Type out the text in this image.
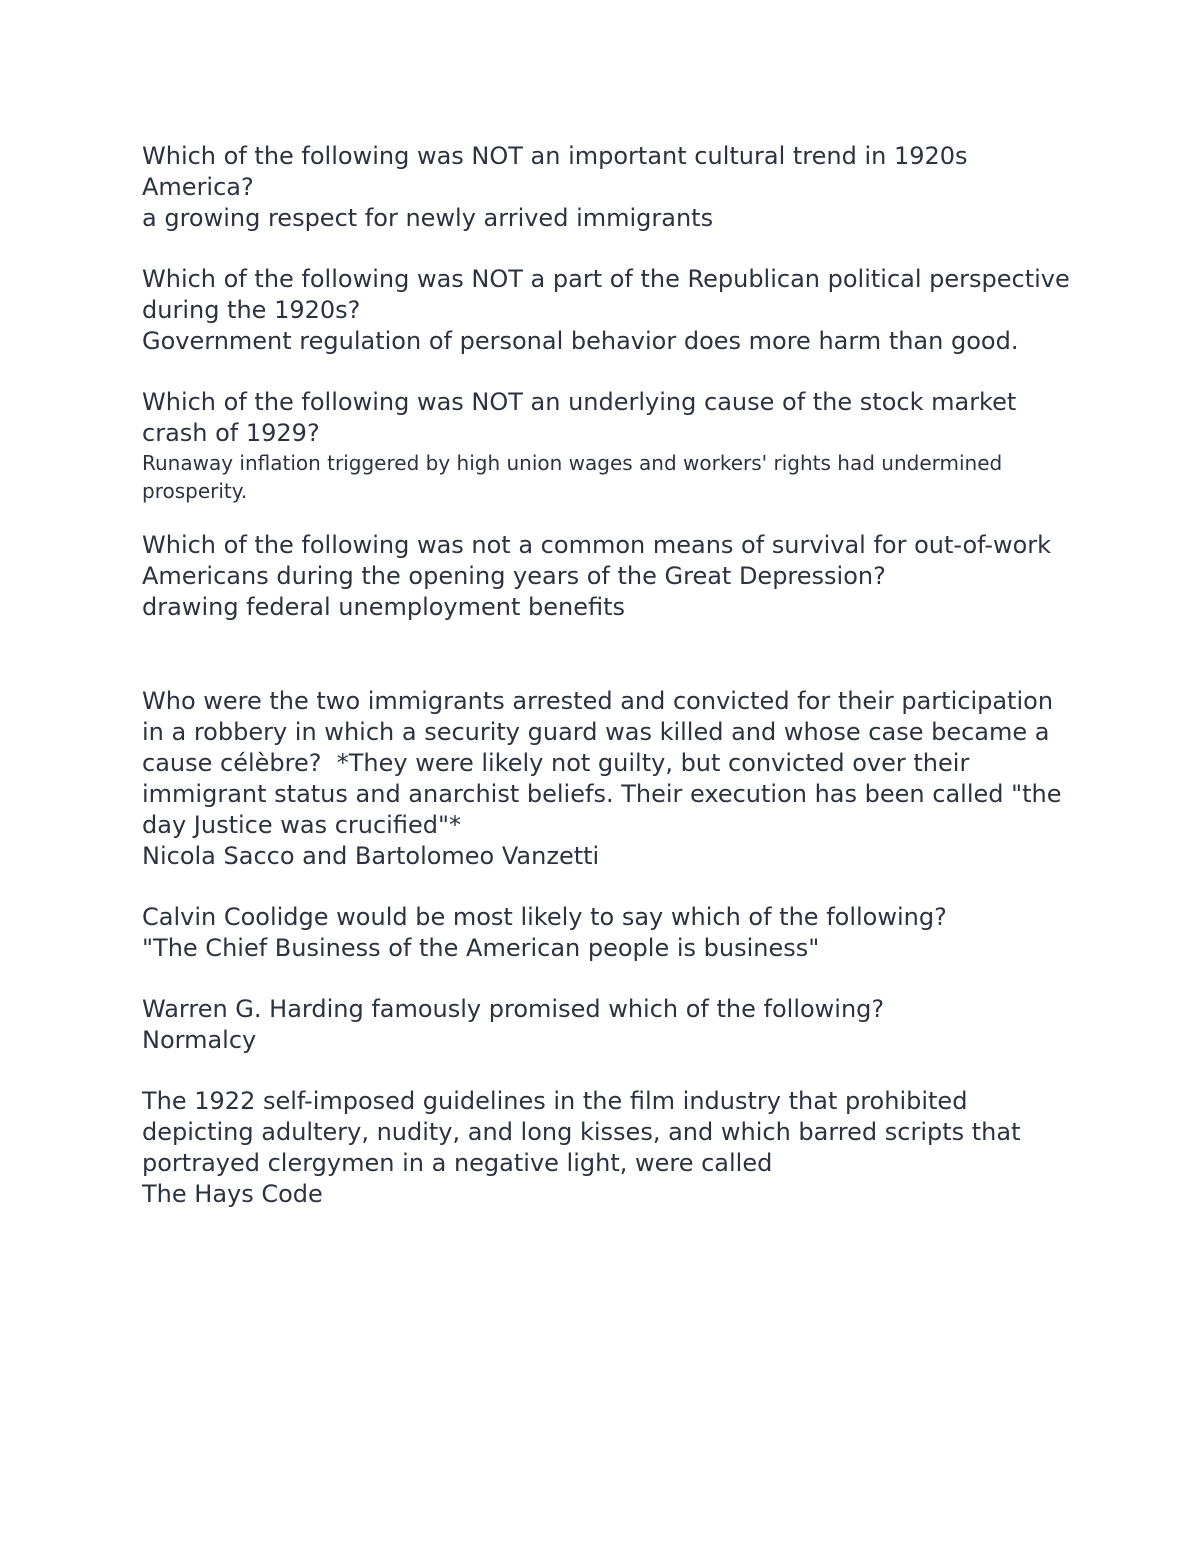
Which of the following was NOT an important cultural trend in 1920s America?
a growing respect for newly arrived immigrants
Which of the following was NOT a part of the Republican political perspective during the 1920s?
Government regulation of personal behavior does more harm than good.
Which of the following was NOT an underlying cause of the stock market crash of 1929?
Runaway inflation triggered by high union wages and workers' rights had undermined prosperity.
Which of the following was not a common means of survival for out-of-work Americans during the opening years of the Great Depression?
drawing federal unemployment benefits
Who were the two immigrants arrested and convicted for their participation in a robbery in which a security guard was killed and whose case became a cause célèbre?  *They were likely not guilty, but convicted over their immigrant status and anarchist beliefs. Their execution has been called "the day Justice was crucified"*
Nicola Sacco and Bartolomeo Vanzetti
Calvin Coolidge would be most likely to say which of the following?
"The Chief Business of the American people is business"
Warren G. Harding famously promised which of the following?
Normalcy
The 1922 self-imposed guidelines in the film industry that prohibited depicting adultery, nudity, and long kisses, and which barred scripts that portrayed clergymen in a negative light, were called
The Hays Code
